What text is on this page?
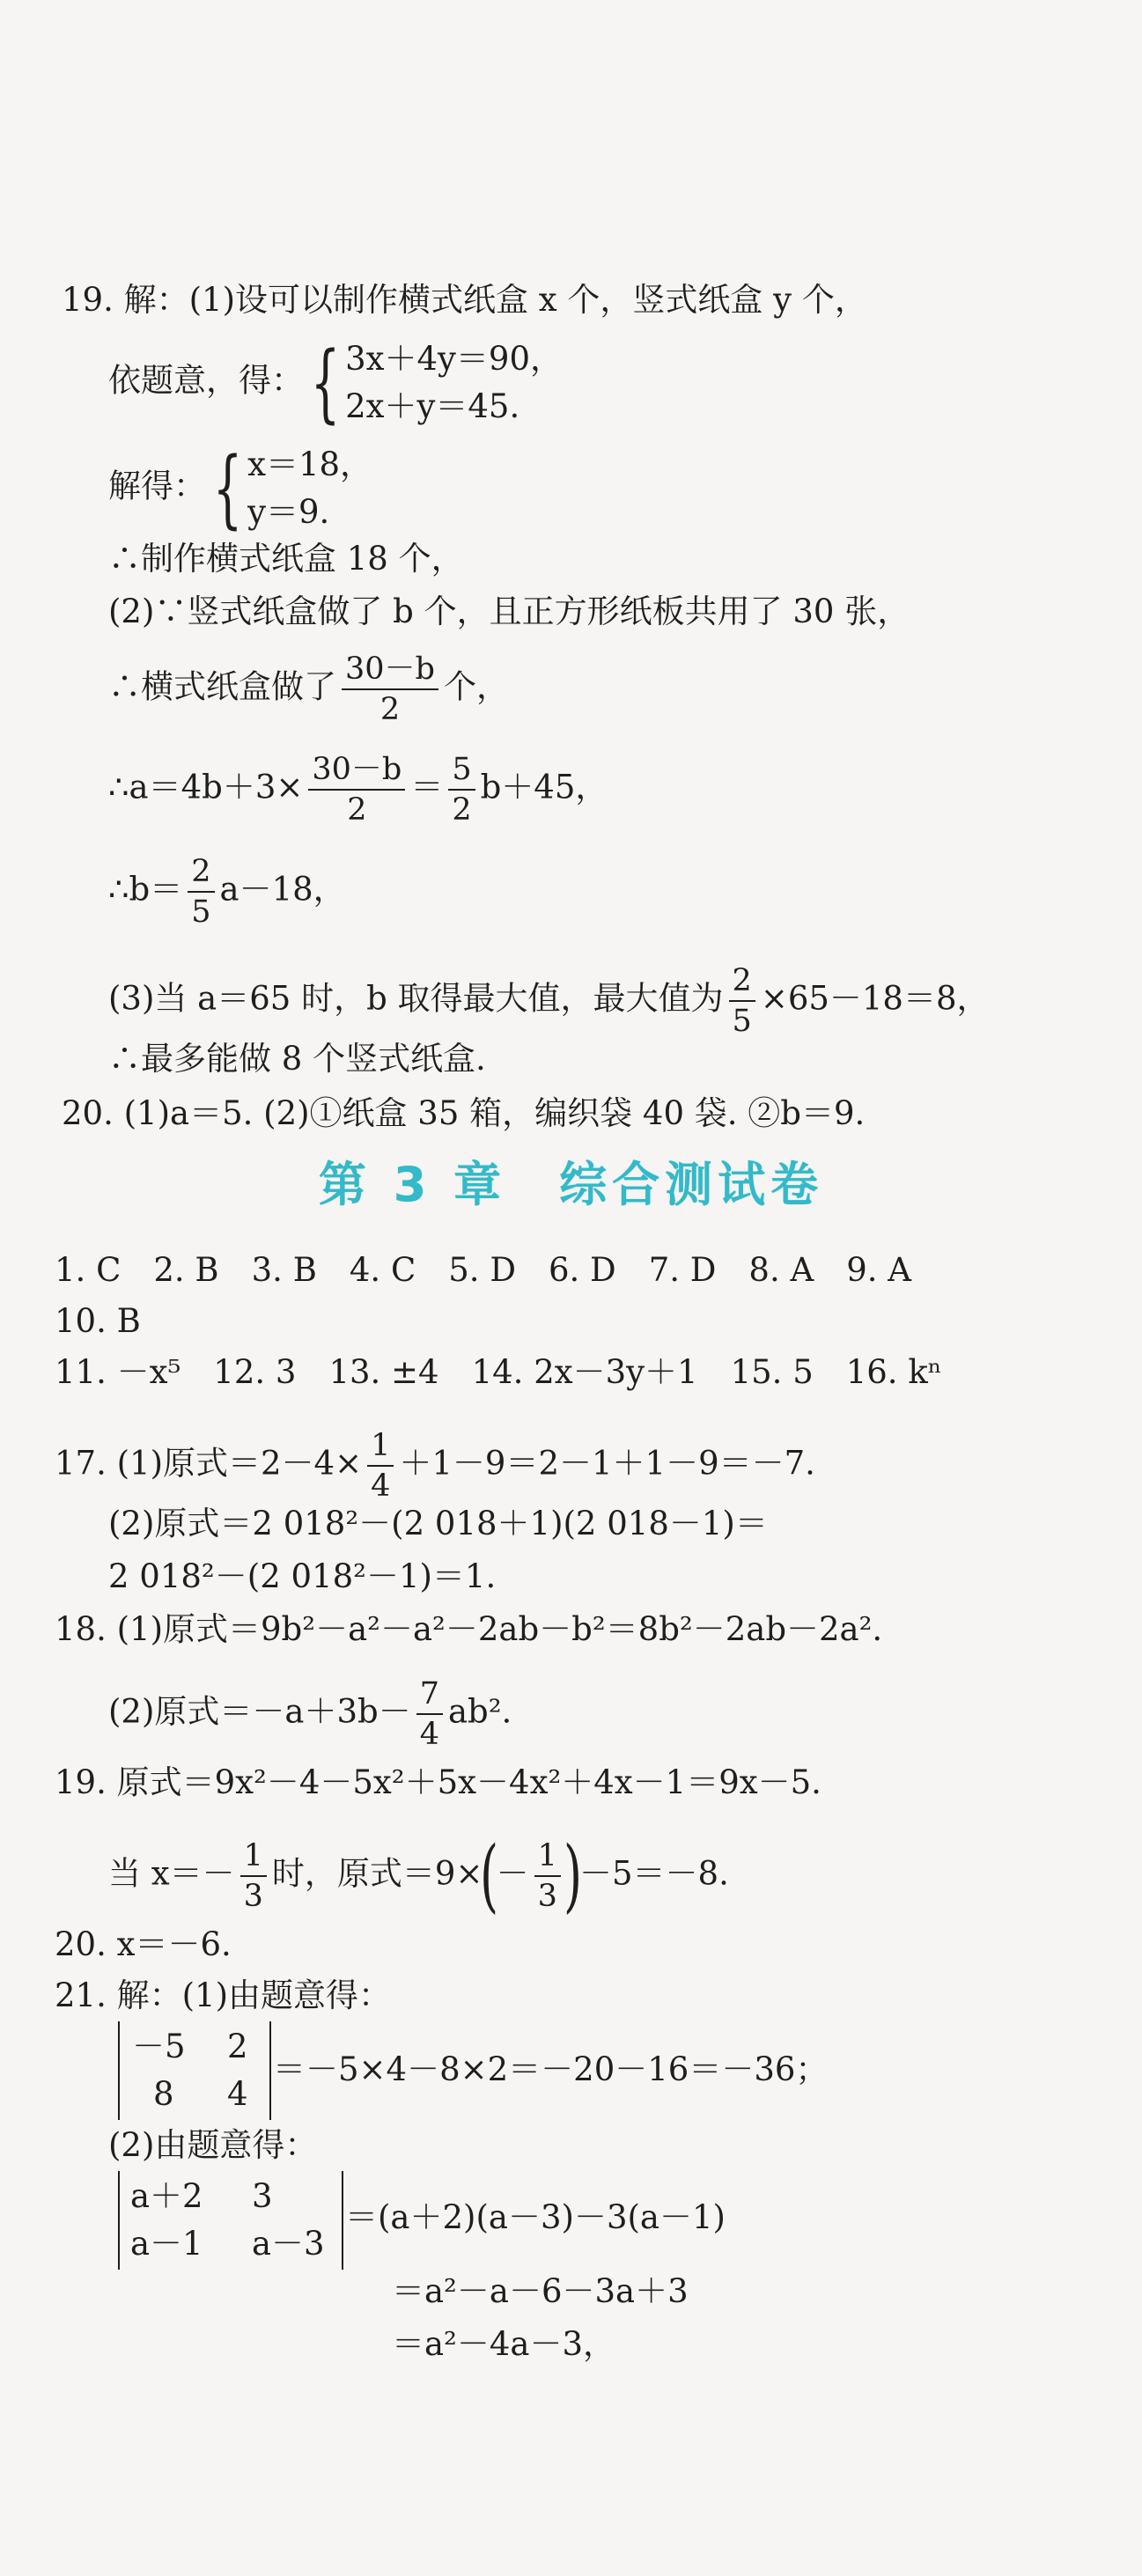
19. 解：(1)设可以制作横式纸盒 x 个，竖式纸盒 y 个，
依题意，得：{ 3x＋4y＝90，
2x＋y＝45.
解得：{ x＝18，
y＝9.
∴制作横式纸盒 18 个，
(2)∵竖式纸盒做了 b 个，且正方形纸板共用了 30 张，
∴横式纸盒做了 $\frac{30-b}{2}$ 个，
∴a＝4b＋3× $\frac{30-b}{2} = \frac{5}{2} b+45$，
∴b＝ $\frac{2}{5} a-18$，
(3)当 a＝65 时，b 取得最大值，最大值为 $\frac{2}{5} \times 65-18=8$，
∴最多能做 8 个竖式纸盒.
20. (1)a＝5. (2)①纸盒 35 箱，编织袋 40 袋. ②b＝9.
第 3 章　综合测试卷
1. C　2. B　3. B　4. C　5. D　6. D　7. D　8. A　9. A
10. B
11. －x⁵　12. 3　13. ±4　14. 2x－3y＋1　15. 5　16. kⁿ
17. (1)原式$=2-4\times \frac{1}{4} +1-9=2-1+1-9=-7$.
(2)原式＝2 018²－(2 018＋1)(2 018－1)＝
2 018²－(2 018²－1)＝1.
18. (1)原式＝9b²－a²－a²－2ab－b²＝8b²－2ab－2a².
(2)原式$=-a+3b- \frac{7}{4} ab^2$.
19. 原式＝9x²－4－5x²＋5x－4x²＋4x－1＝9x－5.
当 $x=- \frac{1}{3}$ 时，原式$=9\times(- \frac{1}{3} )-5=-8$.
20. x＝－6.
21. 解：(1)由题意得：
－5 2
8 4
＝－5×4－8×2＝－20－16＝－36；
(2)由题意得：
a＋2 3
a－1 a－3
＝(a＋2)(a－3)－3(a－1)
＝a²－a－6－3a＋3
＝a²－4a－3，
